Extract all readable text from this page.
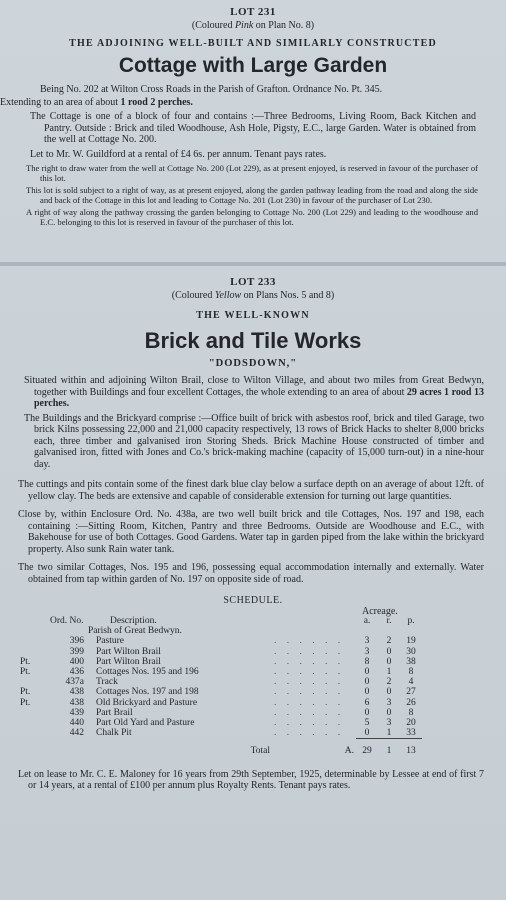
LOT 231
(Coloured Pink on Plan No. 8)
THE ADJOINING WELL-BUILT AND SIMILARLY CONSTRUCTED
Cottage with Large Garden
Being No. 202 at Wilton Cross Roads in the Parish of Grafton. Ordnance No. Pt. 345.
Extending to an area of about 1 rood 2 perches.
The Cottage is one of a block of four and contains :—Three Bedrooms, Living Room, Back Kitchen and Pantry. Outside : Brick and tiled Woodhouse, Ash Hole, Pigsty, E.C., large Garden. Water is obtained from the well at Cottage No. 200.
Let to Mr. W. Guildford at a rental of £4 6s. per annum. Tenant pays rates.
The right to draw water from the well at Cottage No. 200 (Lot 229), as at present enjoyed, is reserved in favour of the purchaser of this lot.
This lot is sold subject to a right of way, as at present enjoyed, along the garden pathway leading from the road and along the side and back of the Cottage in this lot and leading to Cottage No. 201 (Lot 230) in favour of the purchaser of Lot 230.
A right of way along the pathway crossing the garden belonging to Cottage No. 200 (Lot 229) and leading to the woodhouse and E.C. belonging to this lot is reserved in favour of the purchaser of this lot.
LOT 233
(Coloured Yellow on Plans Nos. 5 and 8)
THE WELL-KNOWN
Brick and Tile Works
"DODSDOWN,"
Situated within and adjoining Wilton Brail, close to Wilton Village, and about two miles from Great Bedwyn, together with Buildings and four excellent Cottages, the whole extending to an area of about 29 acres 1 rood 13 perches.
The Buildings and the Brickyard comprise :—Office built of brick with asbestos roof, brick and tiled Garage, two brick Kilns possessing 22,000 and 21,000 capacity respectively, 13 rows of Brick Hacks to shelter 8,000 bricks each, three timber and galvanised iron Storing Sheds. Brick Machine House constructed of timber and galvanised iron, fitted with Jones and Co.'s brick-making machine (capacity of 15,000 turn-out) in a nine-hour day.
The cuttings and pits contain some of the finest dark blue clay below a surface depth on an average of about 12ft. of yellow clay. The beds are extensive and capable of considerable extension for turning out large quantities.
Close by, within Enclosure Ord. No. 438a, are two well built brick and tile Cottages, Nos. 197 and 198, each containing :—Sitting Room, Kitchen, Pantry and three Bedrooms. Outside are Woodhouse and E.C., with Bakehouse for use of both Cottages. Good Gardens. Water tap in garden piped from the lake within the brickyard property. Also sunk Rain water tank.
The two similar Cottages, Nos. 195 and 196, possessing equal accommodation internally and externally. Water obtained from tap within garden of No. 197 on opposite side of road.
SCHEDULE.
Acreage.
	Ord. No.	Description.		a.	r.	p.
		Parish of Great Bedwyn.				
	396	Pasture	. . . . . .	3	2	19
	399	Part Wilton Brail	. . . . . .	3	0	30
Pt.	400	Part Wilton Brail	. . . . . .	8	0	38
Pt.	436	Cottages Nos. 195 and 196	. . . . . .	0	1	8
	437a	Track	. . . . . .	0	2	4
Pt.	438	Cottages Nos. 197 and 198	. . . . . .	0	0	27
Pt.	438	Old Brickyard and Pasture	. . . . . .	6	3	26
	439	Part Brail	. . . . . .	0	0	8
	440	Part Old Yard and Pasture	. . . . . .	5	3	20
	442	Chalk Pit	. . . . . .	0	1	33
		Total	A.	29	1	13
Let on lease to Mr. C. E. Maloney for 16 years from 29th September, 1925, determinable by Lessee at end of first 7 or 14 years, at a rental of £100 per annum plus Royalty Rents. Tenant pays rates.
